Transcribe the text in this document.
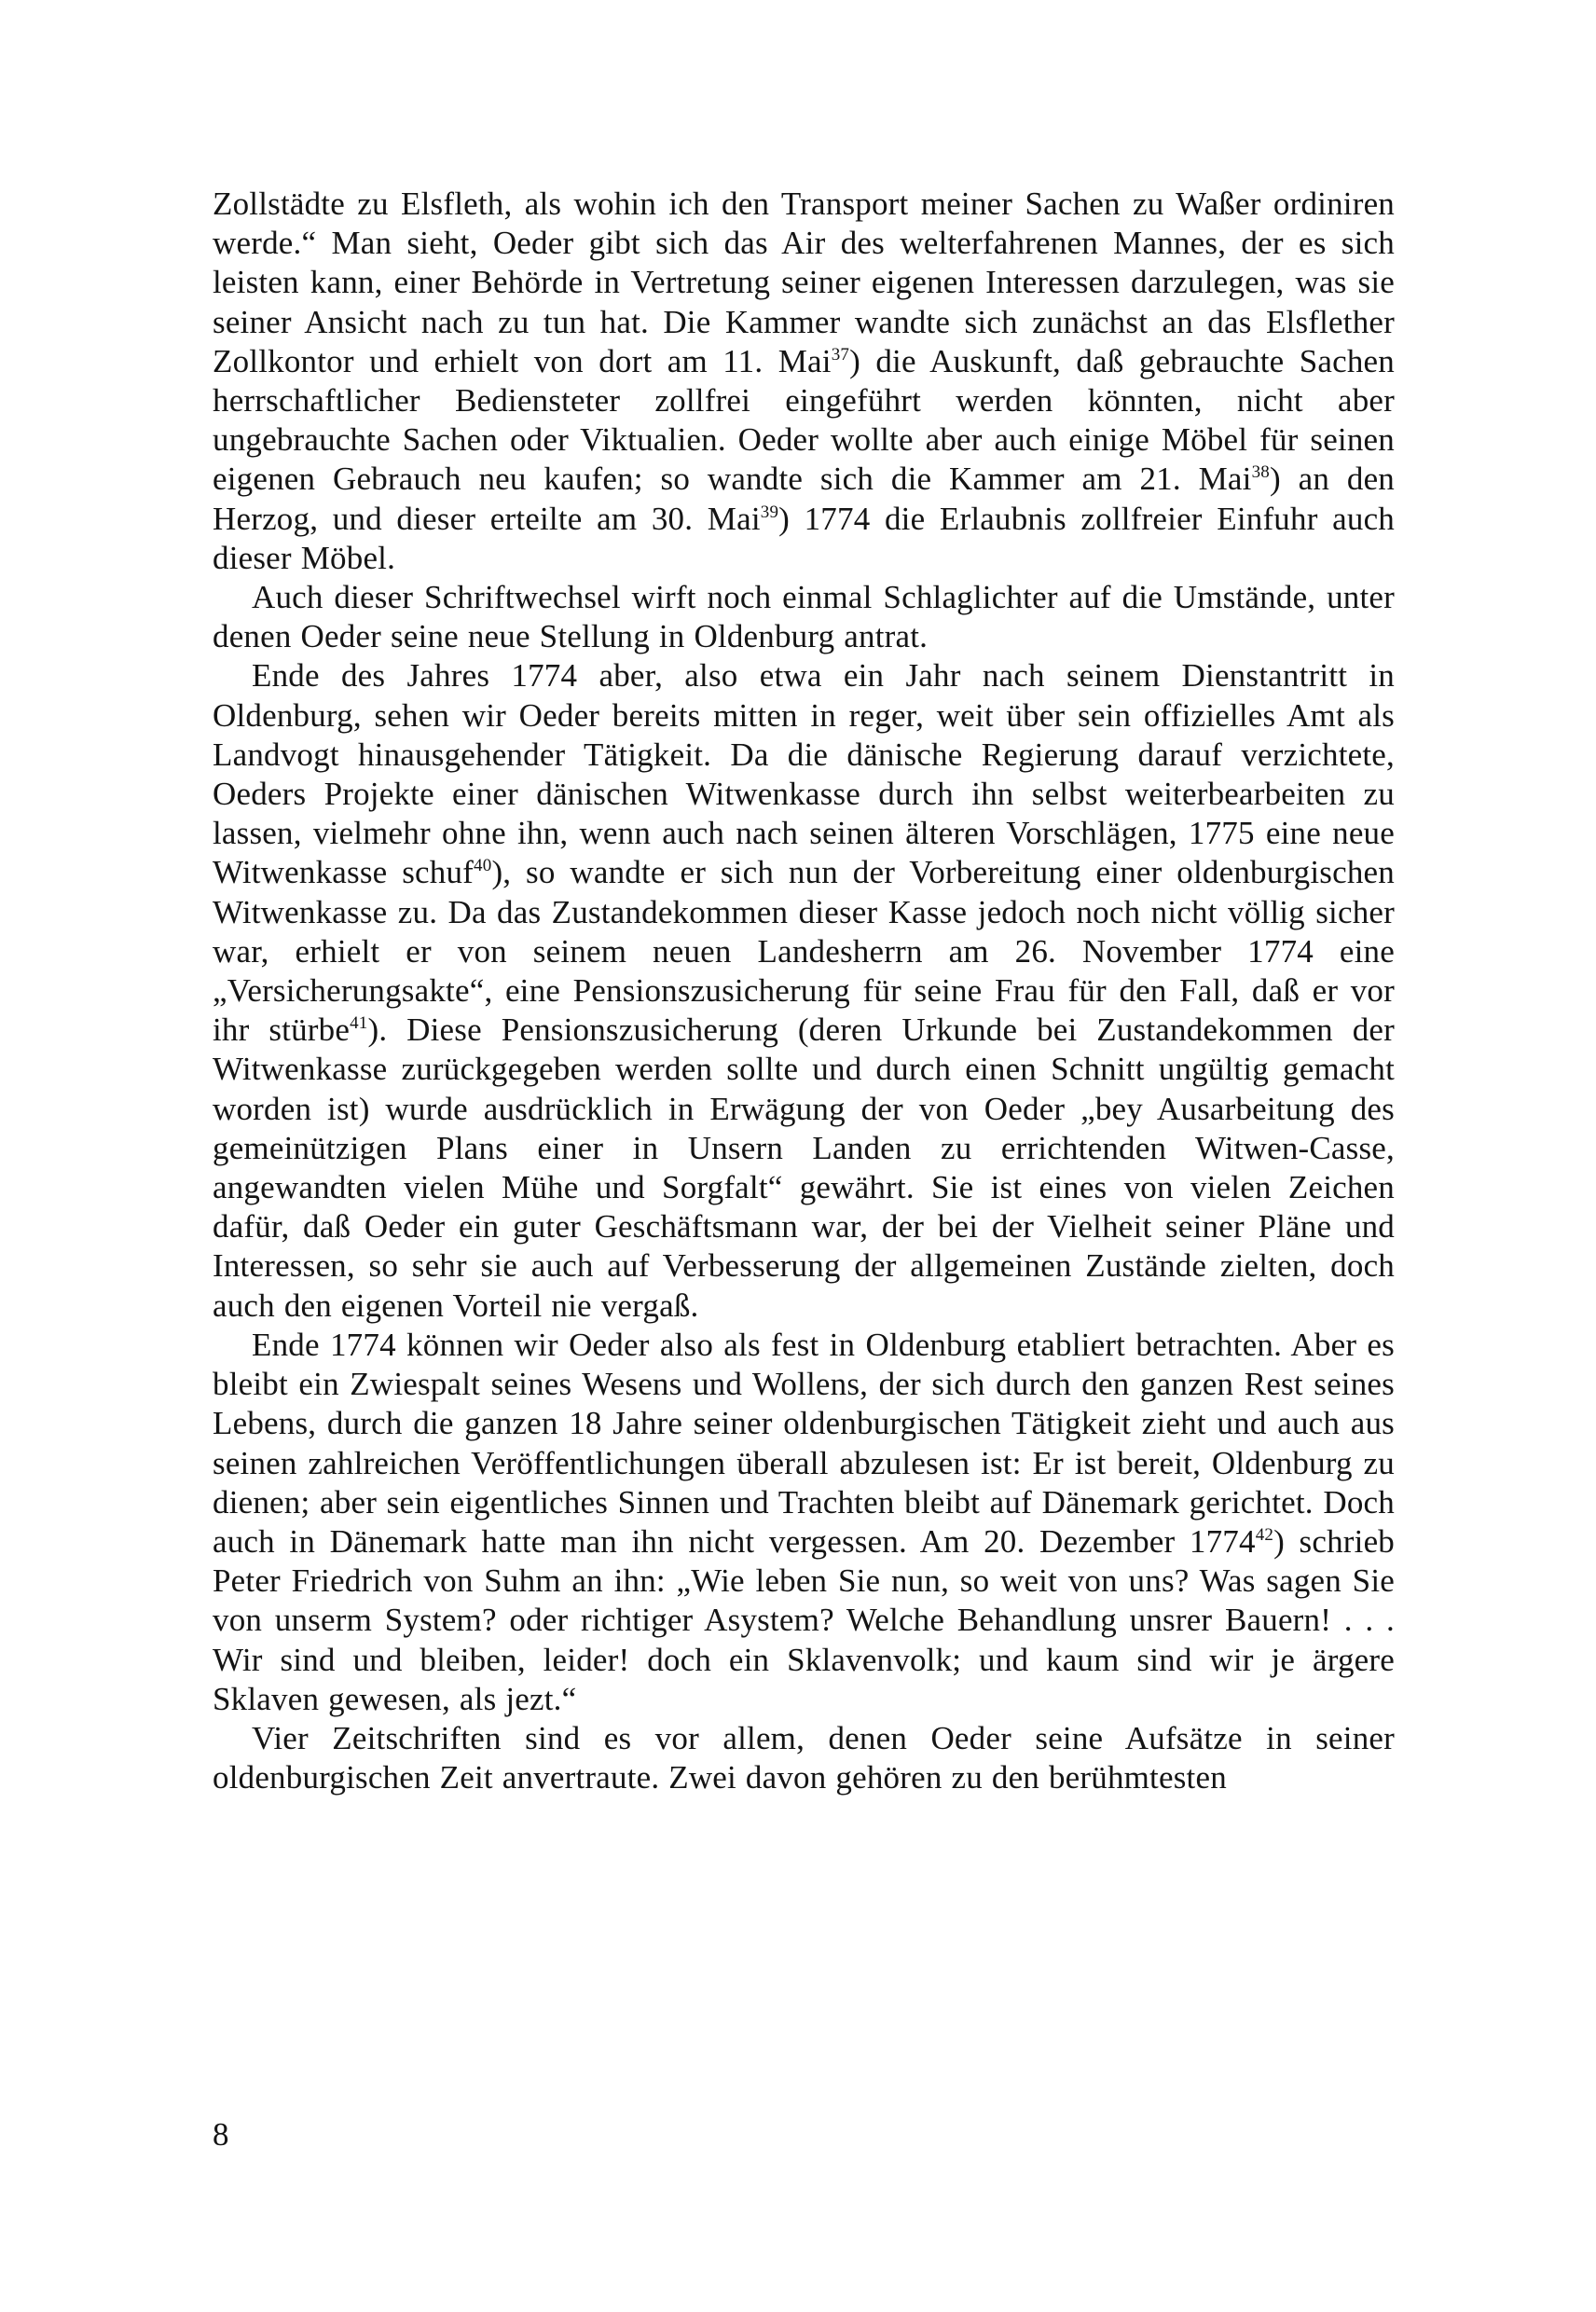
Zollstädte zu Elsfleth, als wohin ich den Transport meiner Sachen zu Waßer ordiniren werde.“ Man sieht, Oeder gibt sich das Air des welterfahrenen Mannes, der es sich leisten kann, einer Behörde in Vertretung seiner eigenen Interessen darzulegen, was sie seiner Ansicht nach zu tun hat. Die Kammer wandte sich zunächst an das Elsflether Zollkontor und erhielt von dort am 11. Mai$^{37}$) die Auskunft, daß gebrauchte Sachen herrschaftlicher Bediensteter zollfrei eingeführt werden könnten, nicht aber ungebrauchte Sachen oder Viktualien. Oeder wollte aber auch einige Möbel für seinen eigenen Gebrauch neu kaufen; so wandte sich die Kammer am 21. Mai$^{38}$) an den Herzog, und dieser erteilte am 30. Mai$^{39}$) 1774 die Erlaubnis zollfreier Einfuhr auch dieser Möbel.

Auch dieser Schriftwechsel wirft noch einmal Schlaglichter auf die Umstände, unter denen Oeder seine neue Stellung in Oldenburg antrat.

Ende des Jahres 1774 aber, also etwa ein Jahr nach seinem Dienstantritt in Oldenburg, sehen wir Oeder bereits mitten in reger, weit über sein offizielles Amt als Landvogt hinausgehender Tätigkeit. Da die dänische Regierung darauf verzichtete, Oeders Projekte einer dänischen Witwenkasse durch ihn selbst weiterbearbeiten zu lassen, vielmehr ohne ihn, wenn auch nach seinen älteren Vorschlägen, 1775 eine neue Witwenkasse schuf$^{40}$), so wandte er sich nun der Vorbereitung einer oldenburgischen Witwenkasse zu. Da das Zustandekommen dieser Kasse jedoch noch nicht völlig sicher war, erhielt er von seinem neuen Landesherrn am 26. November 1774 eine „Versicherungsakte“, eine Pensionszusicherung für seine Frau für den Fall, daß er vor ihr stürbe$^{41}$). Diese Pensionszusicherung (deren Urkunde bei Zustandekommen der Witwenkasse zurückgegeben werden sollte und durch einen Schnitt ungültig gemacht worden ist) wurde ausdrücklich in Erwägung der von Oeder „bey Ausarbeitung des gemeinützigen Plans einer in Unsern Landen zu errichtenden Witwen-Casse, angewandten vielen Mühe und Sorgfalt“ gewährt. Sie ist eines von vielen Zeichen dafür, daß Oeder ein guter Geschäftsmann war, der bei der Vielheit seiner Pläne und Interessen, so sehr sie auch auf Verbesserung der allgemeinen Zustände zielten, doch auch den eigenen Vorteil nie vergaß.

Ende 1774 können wir Oeder also als fest in Oldenburg etabliert betrachten. Aber es bleibt ein Zwiespalt seines Wesens und Wollens, der sich durch den ganzen Rest seines Lebens, durch die ganzen 18 Jahre seiner oldenburgischen Tätigkeit zieht und auch aus seinen zahlreichen Veröffentlichungen überall abzulesen ist: Er ist bereit, Oldenburg zu dienen; aber sein eigentliches Sinnen und Trachten bleibt auf Dänemark gerichtet. Doch auch in Dänemark hatte man ihn nicht vergessen. Am 20. Dezember 1774$^{42}$) schrieb Peter Friedrich von Suhm an ihn: „Wie leben Sie nun, so weit von uns? Was sagen Sie von unserm System? oder richtiger Asystem? Welche Behandlung unsrer Bauern! . . . Wir sind und bleiben, leider! doch ein Sklavenvolk; und kaum sind wir je ärgere Sklaven gewesen, als jezt.“

Vier Zeitschriften sind es vor allem, denen Oeder seine Aufsätze in seiner oldenburgischen Zeit anvertraute. Zwei davon gehören zu den berühmtesten

8
